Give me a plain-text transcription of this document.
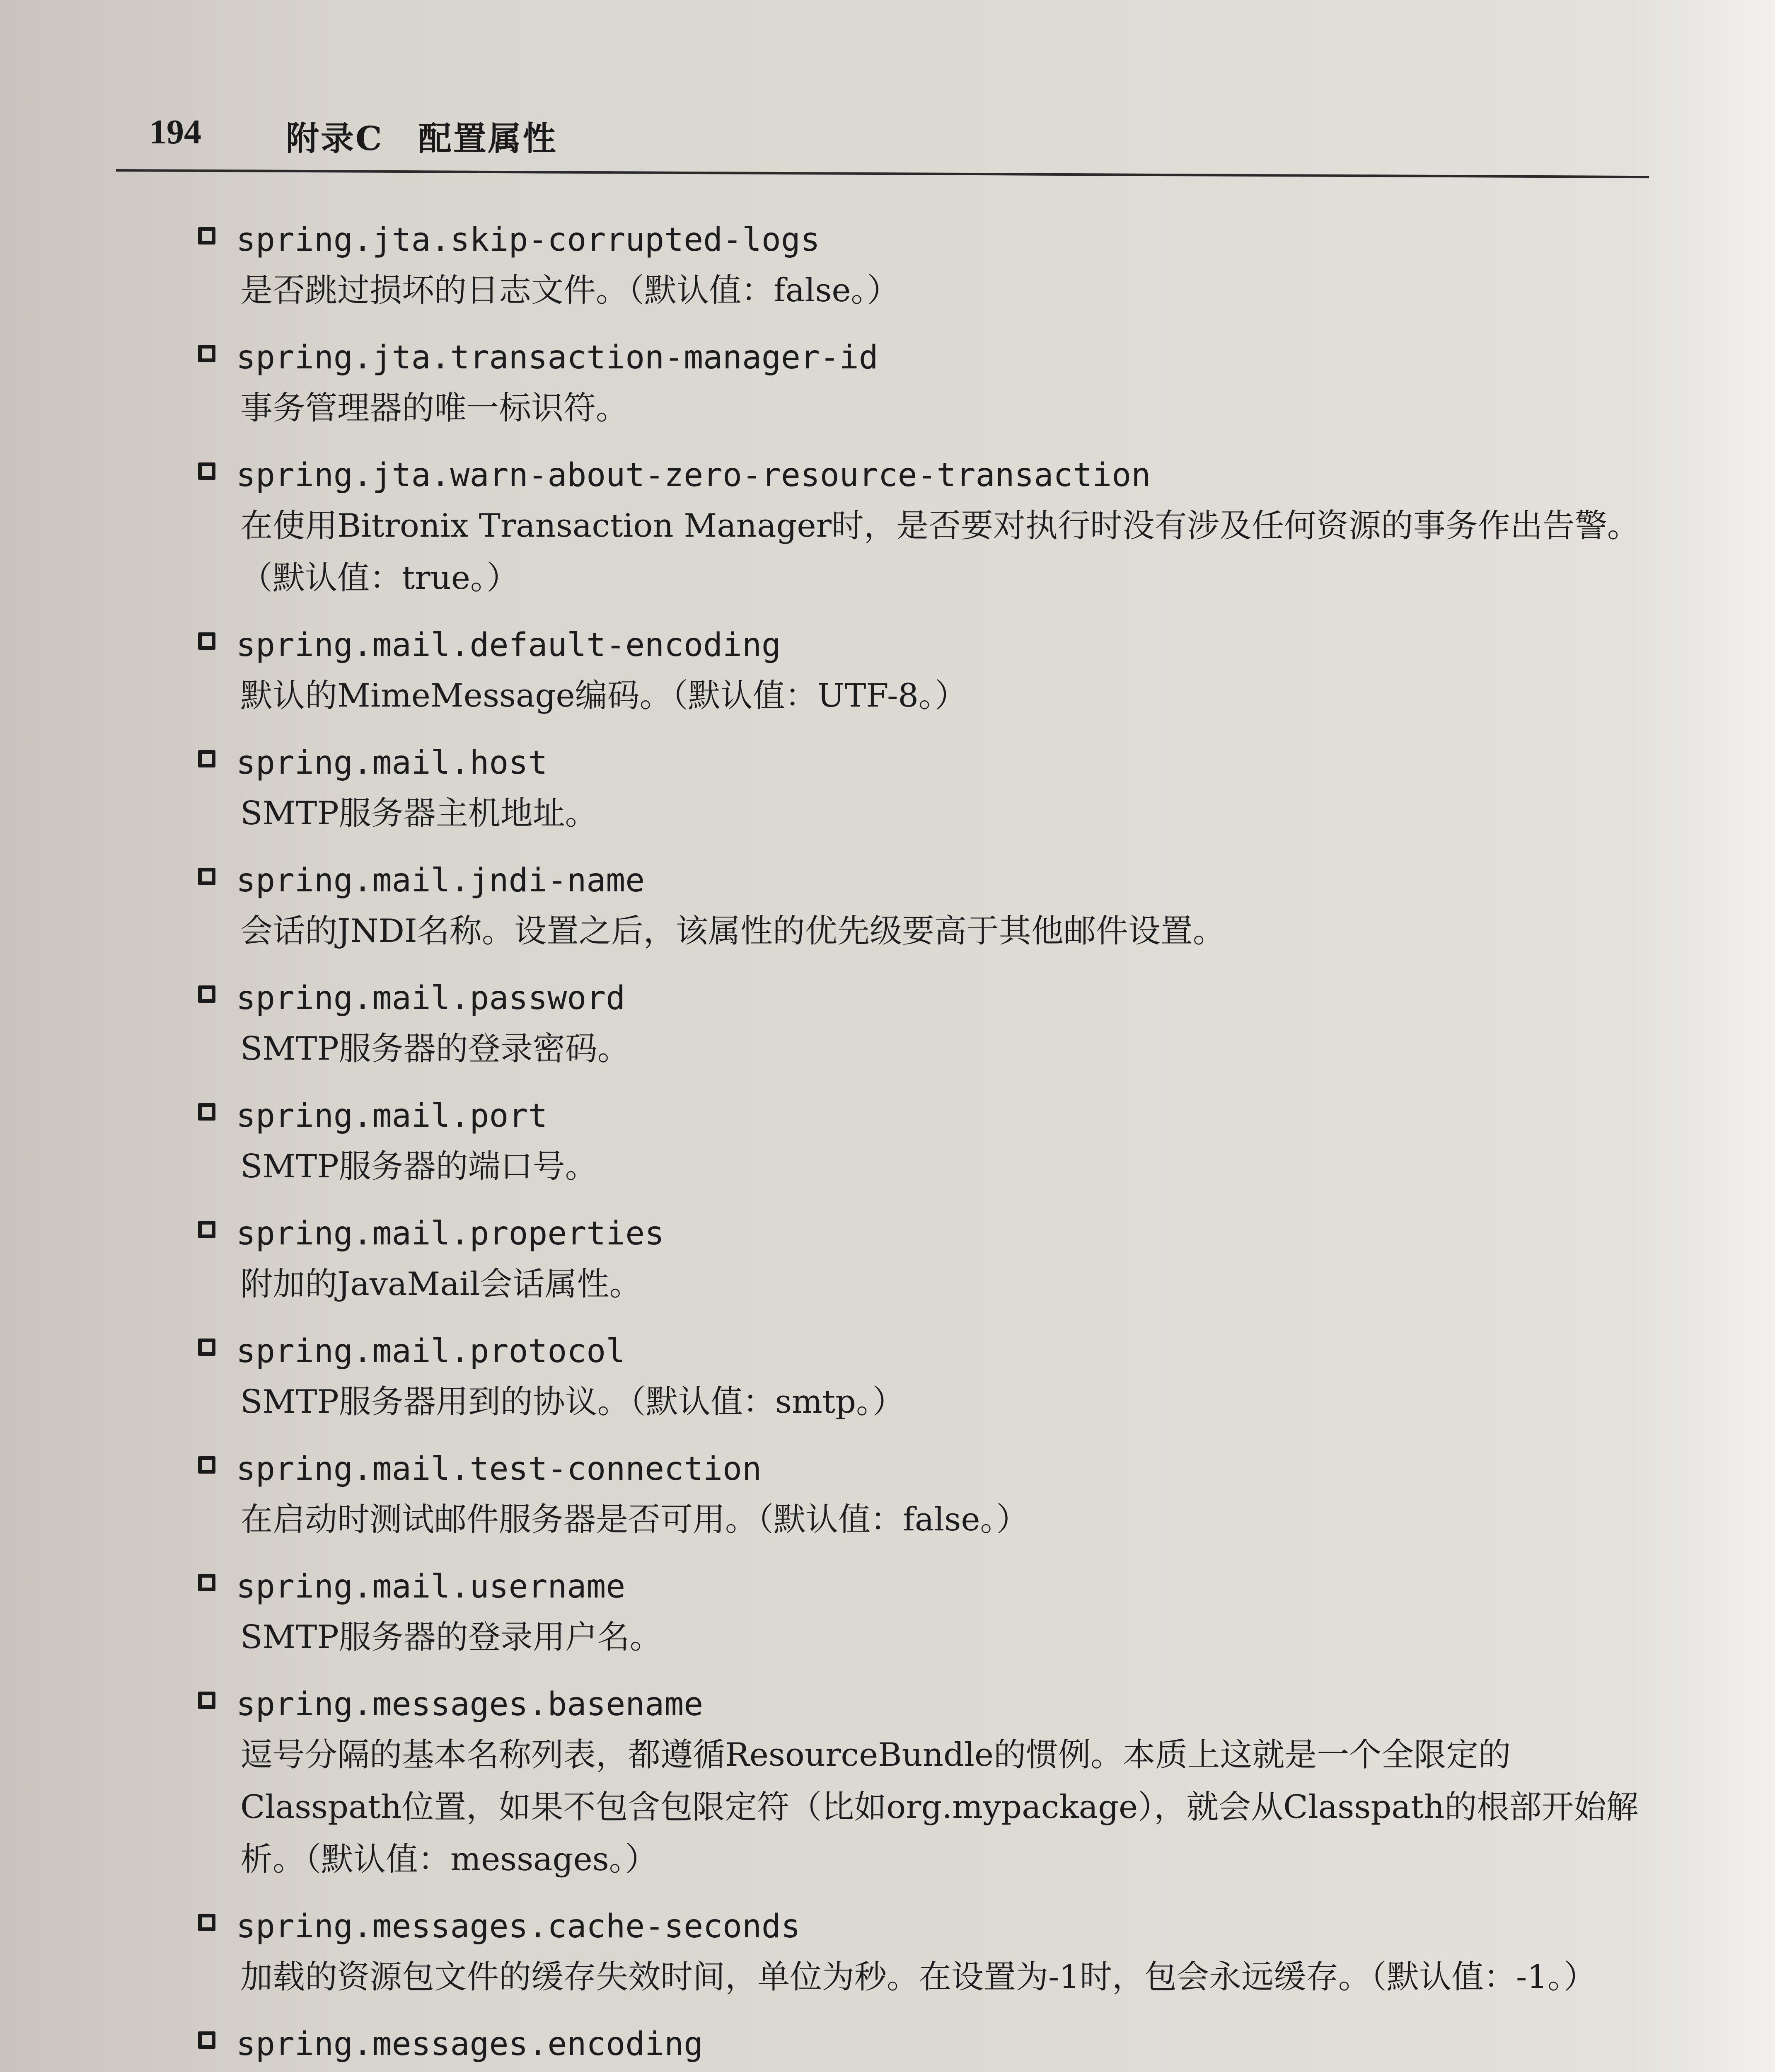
194	附录C　配置属性
spring.jta.skip-corrupted-logs
是否跳过损坏的日志文件。（默认值：false。）
spring.jta.transaction-manager-id
事务管理器的唯一标识符。
spring.jta.warn-about-zero-resource-transaction
在使用Bitronix Transaction Manager时，是否要对执行时没有涉及任何资源的事务作出告警。（默认值：true。）
spring.mail.default-encoding
默认的MimeMessage编码。（默认值：UTF-8。）
spring.mail.host
SMTP服务器主机地址。
spring.mail.jndi-name
会话的JNDI名称。设置之后，该属性的优先级要高于其他邮件设置。
spring.mail.password
SMTP服务器的登录密码。
spring.mail.port
SMTP服务器的端口号。
spring.mail.properties
附加的JavaMail会话属性。
spring.mail.protocol
SMTP服务器用到的协议。（默认值：smtp。）
spring.mail.test-connection
在启动时测试邮件服务器是否可用。（默认值：false。）
spring.mail.username
SMTP服务器的登录用户名。
spring.messages.basename
逗号分隔的基本名称列表，都遵循ResourceBundle的惯例。本质上这就是一个全限定的Classpath位置，如果不包含包限定符（比如org.mypackage），就会从Classpath的根部开始解析。（默认值：messages。）
spring.messages.cache-seconds
加载的资源包文件的缓存失效时间，单位为秒。在设置为-1时，包会永远缓存。（默认值：-1。）
spring.messages.encoding
